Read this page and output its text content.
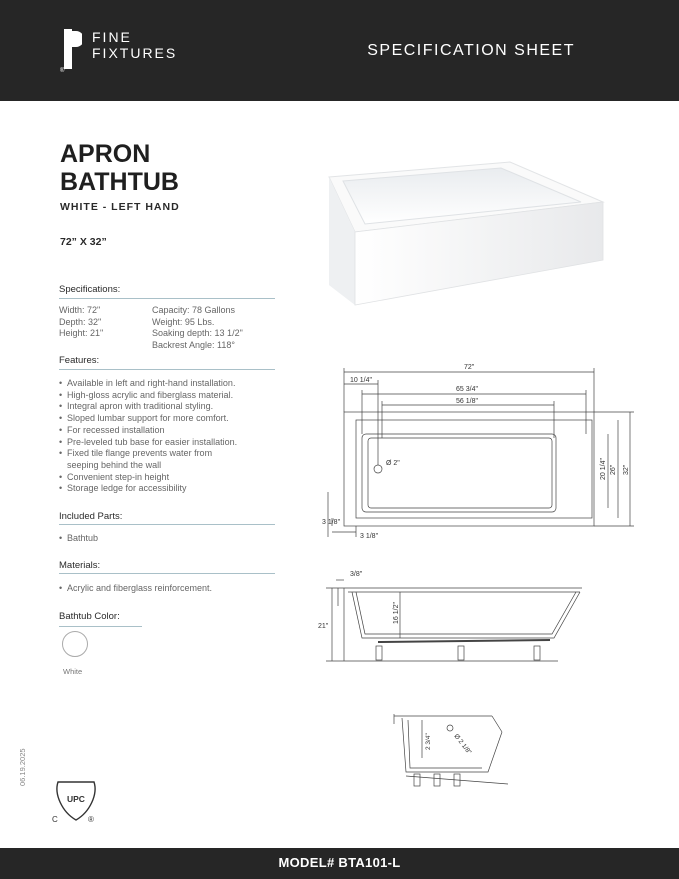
®
FINE
FIXTURES	SPECIFICATION SHEET
APRON
BATHTUB
WHITE - LEFT HAND
72” X 32”
Specifications:
Width: 72"
Depth: 32"
Height: 21"
Capacity: 78 Gallons
Weight: 95 Lbs.
Soaking depth: 13 1/2"
Backrest Angle: 118°
Features:
• Available in left and right-hand installation.
• High-gloss acrylic and fiberglass material.
• Integral apron with traditional styling.
• Sloped lumbar support for more comfort.
• For recessed installation
• Pre-leveled tub base for easier installation.
• Fixed tile flange prevents water from
seeping behind the wall
• Convenient step-in height
• Storage ledge for accessibility
Included Parts:
• Bathtub
Materials:
• Acrylic and fiberglass reinforcement.
Bathtub Color:
White
72"
10 1/4"
65 3/4"
56 1/8"
Ø 2"	20 1/4" 26" 32"
3 1/8"
3 1/8"
3/8"
21"
16 1/2"
2 3/4"	Ø 2 1/8"
06.19.2025
UPC
C	®
MODEL# BTA101-L
